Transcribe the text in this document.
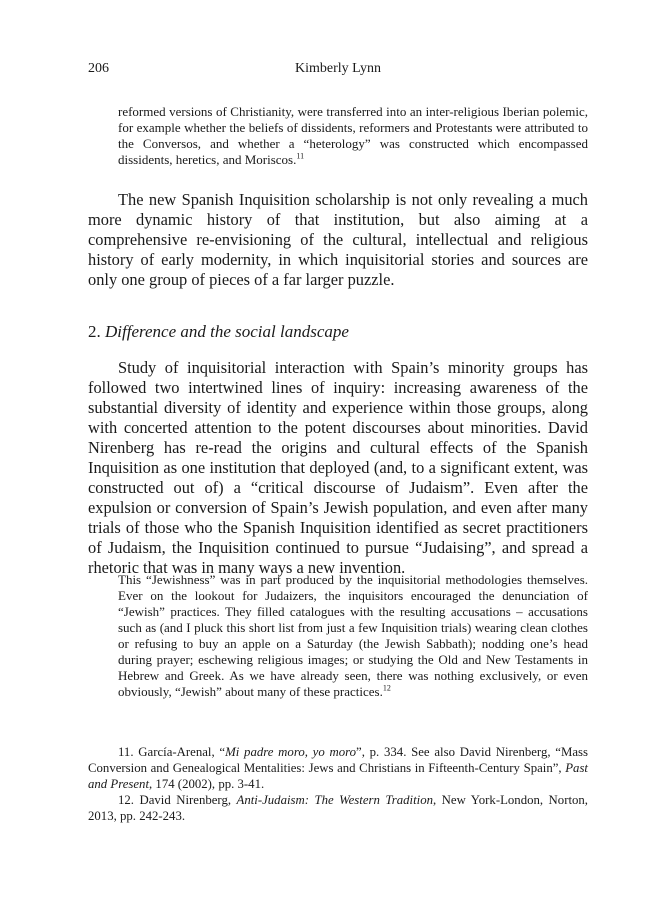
206	Kimberly Lynn

reformed versions of Christianity, were transferred into an inter-religious Iberian polemic, for example whether the beliefs of dissidents, reformers and Protestants were attributed to the Conversos, and whether a “heterology” was constructed which encompassed dissidents, heretics, and Moriscos.$^{11}$

The new Spanish Inquisition scholarship is not only revealing a much more dynamic history of that institution, but also aiming at a comprehensive re-envisioning of the cultural, intellectual and religious history of early modernity, in which inquisitorial stories and sources are only one group of pieces of a far larger puzzle.

2. Difference and the social landscape

Study of inquisitorial interaction with Spain’s minority groups has followed two intertwined lines of inquiry: increasing awareness of the substantial diversity of identity and experience within those groups, along with concerted attention to the potent discourses about minorities. David Nirenberg has re-read the origins and cultural effects of the Spanish Inquisition as one institution that deployed (and, to a significant extent, was constructed out of) a “critical discourse of Judaism”. Even after the expulsion or conversion of Spain’s Jewish population, and even after many trials of those who the Spanish Inquisition identified as secret practitioners of Judaism, the Inquisition continued to pursue “Judaising”, and spread a rhetoric that was in many ways a new invention.

This “Jewishness” was in part produced by the inquisitorial methodologies themselves. Ever on the lookout for Judaizers, the inquisitors encouraged the denunciation of “Jewish” practices. They filled catalogues with the resulting accusations – accusations such as (and I pluck this short list from just a few Inquisition trials) wearing clean clothes or refusing to buy an apple on a Saturday (the Jewish Sabbath); nodding one’s head during prayer; eschewing religious images; or studying the Old and New Testaments in Hebrew and Greek. As we have already seen, there was nothing exclusively, or even obviously, “Jewish” about many of these practices.$^{12}$

11. García-Arenal, “Mi padre moro, yo moro”, p. 334. See also David Nirenberg, “Mass Conversion and Genealogical Mentalities: Jews and Christians in Fifteenth-Century Spain”, Past and Present, 174 (2002), pp. 3-41.

12. David Nirenberg, Anti-Judaism: The Western Tradition, New York-London, Norton, 2013, pp. 242-243.
